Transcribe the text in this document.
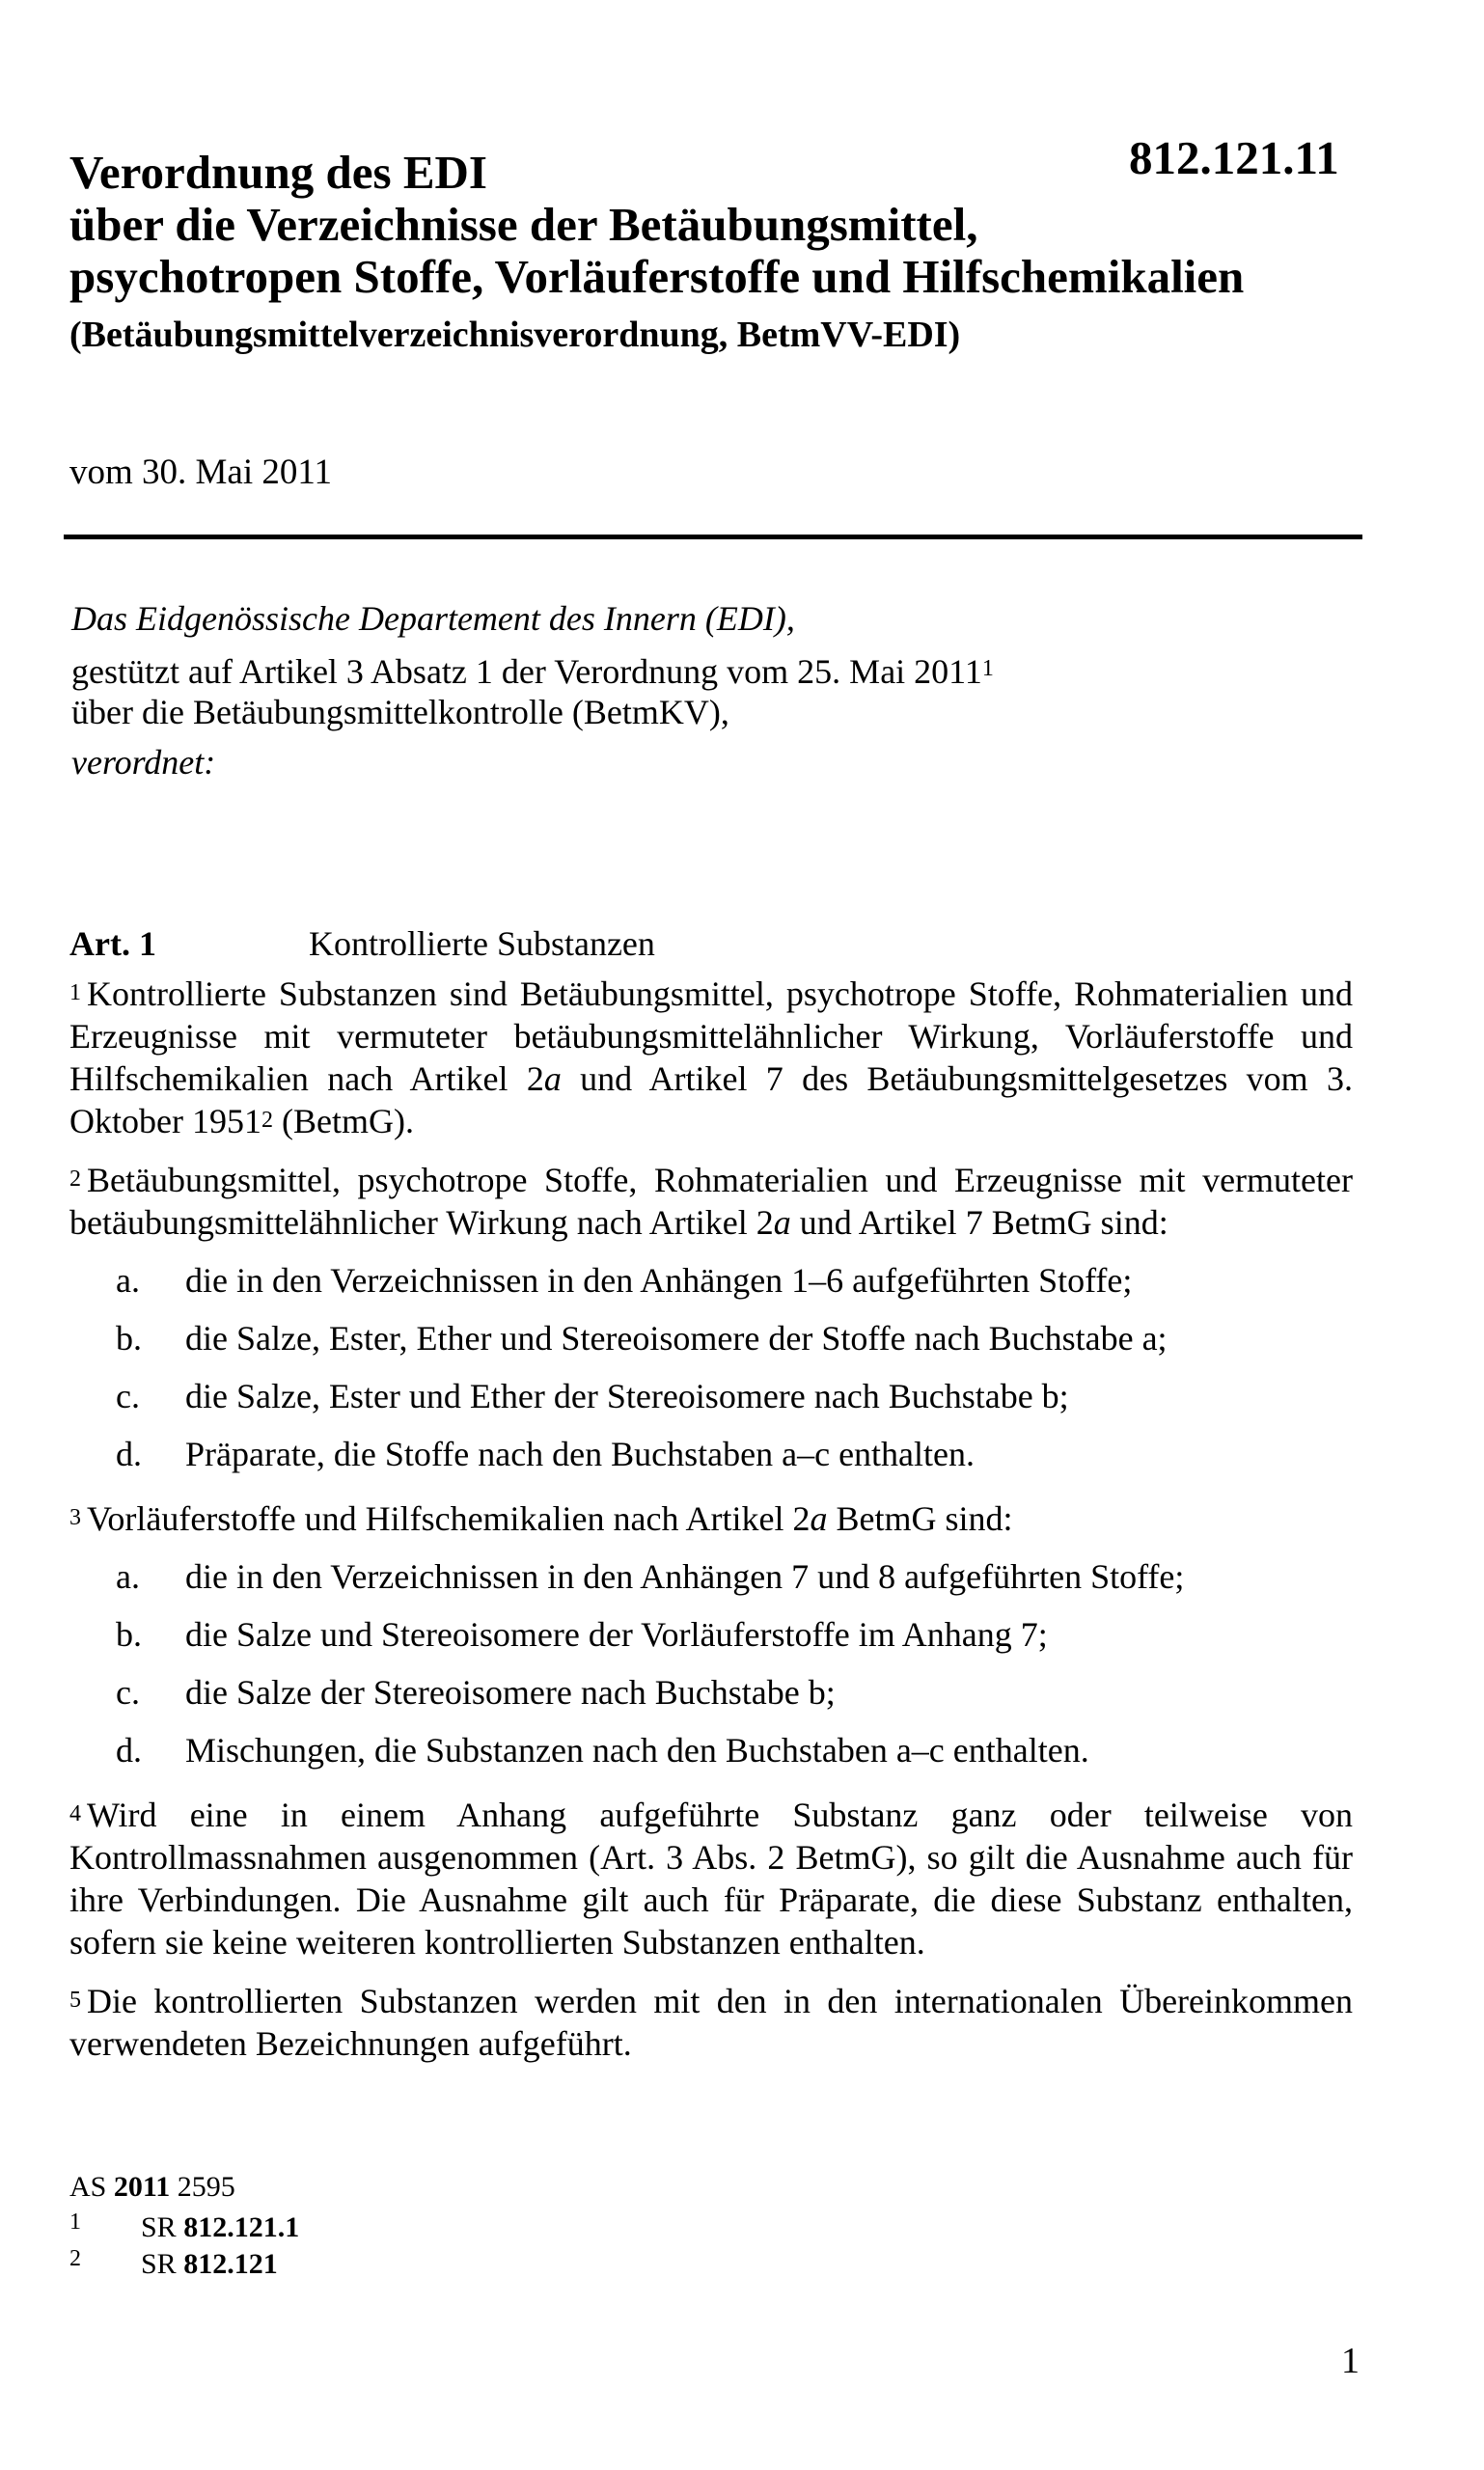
812.121.11
Verordnung des EDI
über die Verzeichnisse der Betäubungsmittel,
psychotropen Stoffe, Vorläuferstoffe und Hilfschemikalien
(Betäubungsmittelverzeichnisverordnung, BetmVV-EDI)
vom 30. Mai 2011

Das Eidgenössische Departement des Innern (EDI),

gestützt auf Artikel 3 Absatz 1 der Verordnung vom 25. Mai 2011$^1$

über die Betäubungsmittelkontrolle (BetmKV),

verordnet:

Art. 1	Kontrollierte Substanzen

1 Kontrollierte Substanzen sind Betäubungsmittel, psychotrope Stoffe, Rohmaterialien und Erzeugnisse mit vermuteter betäubungsmittelähnlicher Wirkung, Vorläuferstoffe und Hilfschemikalien nach Artikel 2a und Artikel 7 des Betäubungsmittelgesetzes vom 3. Oktober 1951$^2$ (BetmG).

2 Betäubungsmittel, psychotrope Stoffe, Rohmaterialien und Erzeugnisse mit vermuteter betäubungsmittelähnlicher Wirkung nach Artikel 2a und Artikel 7 BetmG sind:

a. die in den Verzeichnissen in den Anhängen 1–6 aufgeführten Stoffe;
b. die Salze, Ester, Ether und Stereoisomere der Stoffe nach Buchstabe a;
c. die Salze, Ester und Ether der Stereoisomere nach Buchstabe b;
d. Präparate, die Stoffe nach den Buchstaben a–c enthalten.

3 Vorläuferstoffe und Hilfschemikalien nach Artikel 2a BetmG sind:

a. die in den Verzeichnissen in den Anhängen 7 und 8 aufgeführten Stoffe;
b. die Salze und Stereoisomere der Vorläuferstoffe im Anhang 7;
c. die Salze der Stereoisomere nach Buchstabe b;
d. Mischungen, die Substanzen nach den Buchstaben a–c enthalten.

4 Wird eine in einem Anhang aufgeführte Substanz ganz oder teilweise von Kontrollmassnahmen ausgenommen (Art. 3 Abs. 2 BetmG), so gilt die Ausnahme auch für ihre Verbindungen. Die Ausnahme gilt auch für Präparate, die diese Substanz enthalten, sofern sie keine weiteren kontrollierten Substanzen enthalten.

5 Die kontrollierten Substanzen werden mit den in den internationalen Übereinkommen verwendeten Bezeichnungen aufgeführt.

AS 2011 2595
1 SR 812.121.1
2 SR 812.121
1
